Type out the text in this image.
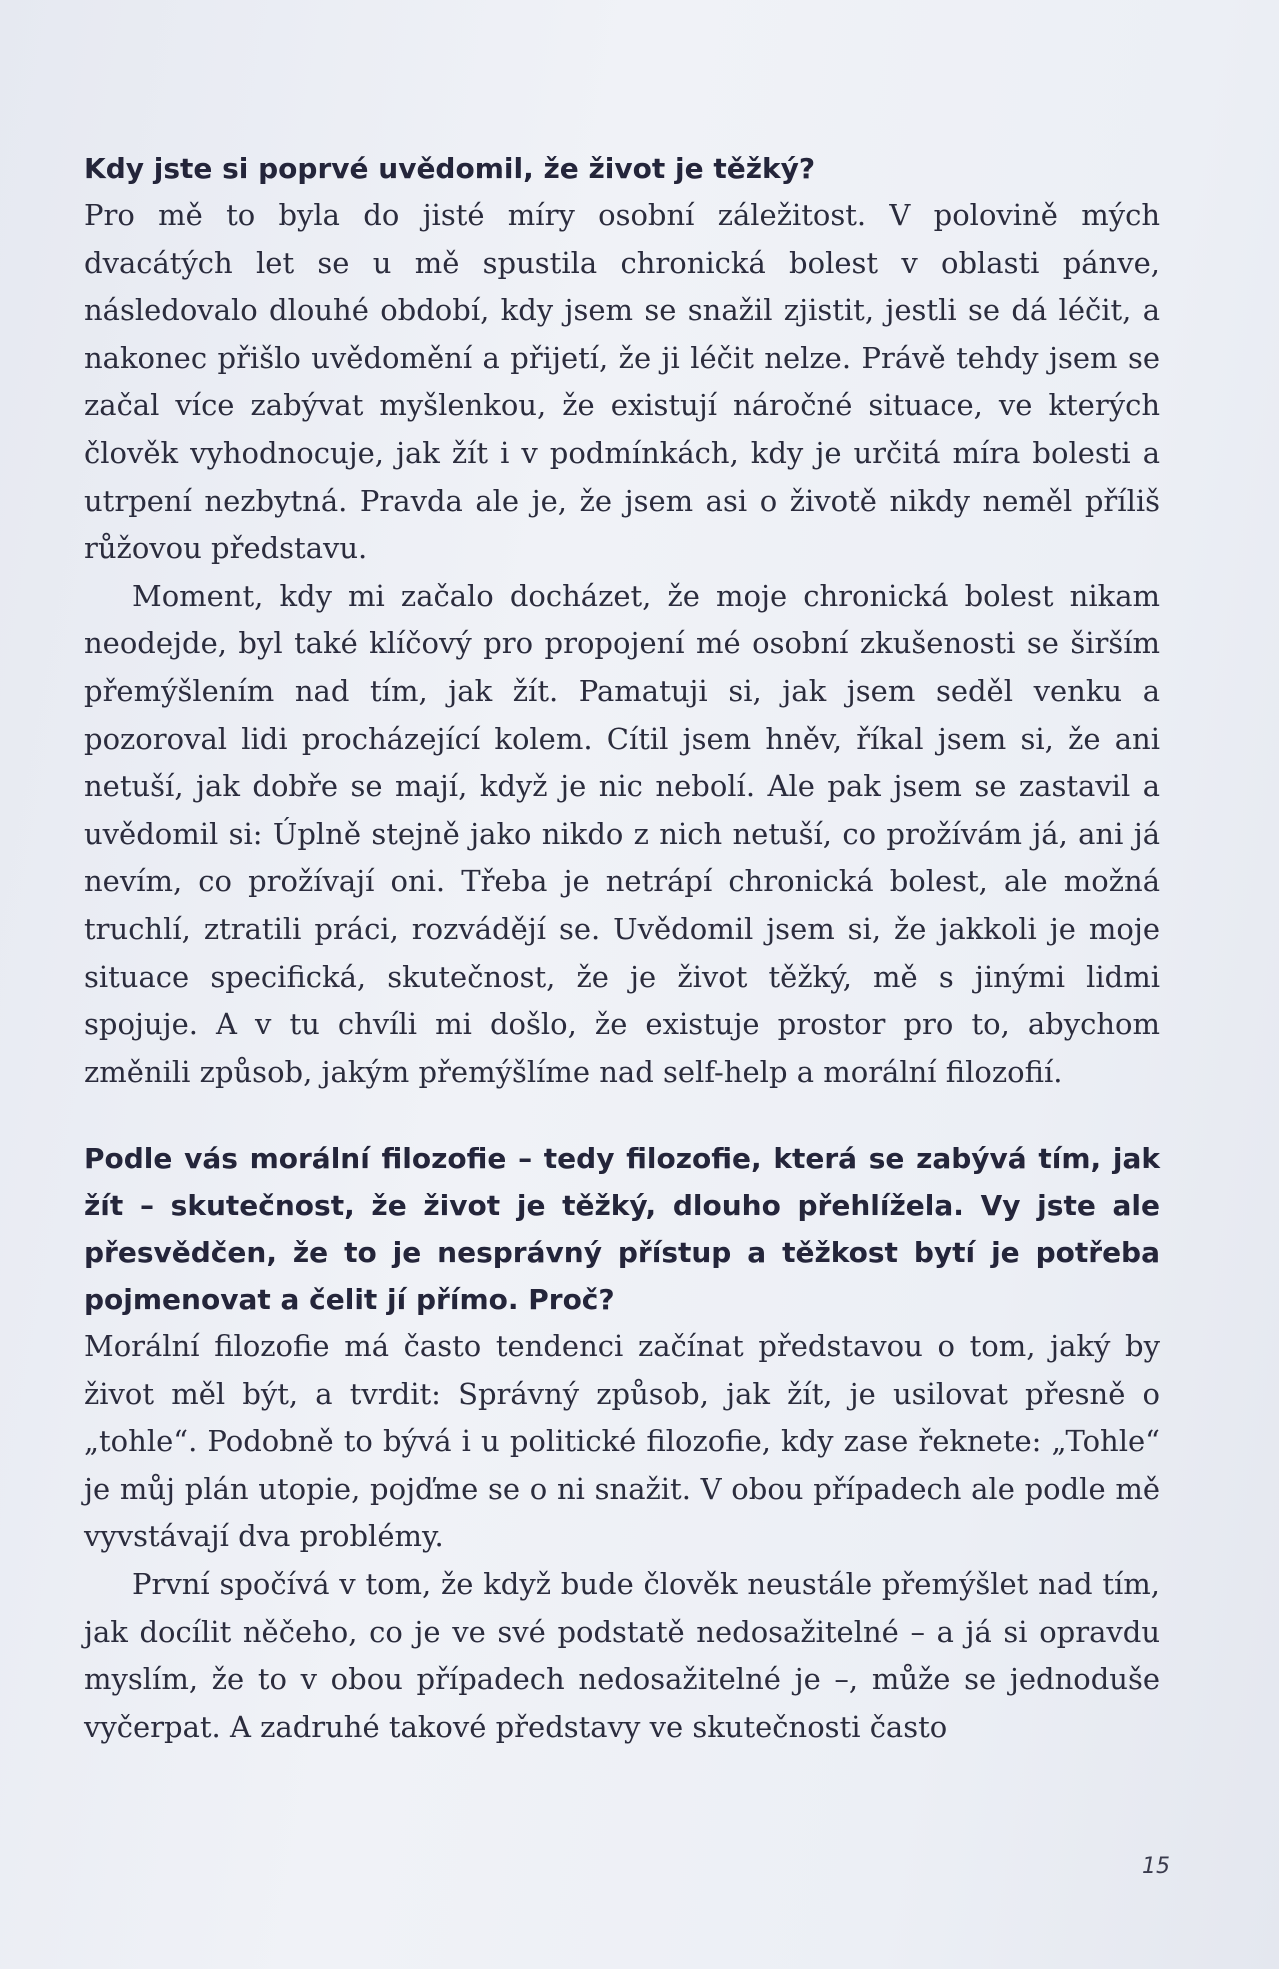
Kdy jste si poprvé uvědomil, že život je těžký?

Pro mě to byla do jisté míry osobní záležitost. V polovině mých dvacátých let se u mě spustila chronická bolest v oblasti pánve, následovalo dlouhé období, kdy jsem se snažil zjistit, jestli se dá léčit, a nakonec přišlo uvědomění a přijetí, že ji léčit nelze. Právě tehdy jsem se začal více zabývat myšlenkou, že existují náročné situace, ve kterých člověk vyhodnocuje, jak žít i v podmínkách, kdy je určitá míra bolesti a utrpení nezbytná. Pravda ale je, že jsem asi o životě nikdy neměl příliš růžovou představu.

Moment, kdy mi začalo docházet, že moje chronická bolest nikam neodejde, byl také klíčový pro propojení mé osobní zkušenosti se širším přemýšlením nad tím, jak žít. Pamatuji si, jak jsem seděl venku a pozoroval lidi procházející kolem. Cítil jsem hněv, říkal jsem si, že ani netuší, jak dobře se mají, když je nic nebolí. Ale pak jsem se zastavil a uvědomil si: Úplně stejně jako nikdo z nich netuší, co prožívám já, ani já nevím, co prožívají oni. Třeba je netrápí chronická bolest, ale možná truchlí, ztratili práci, rozvádějí se. Uvědomil jsem si, že jakkoli je moje situace specifická, skutečnost, že je život těžký, mě s jinými lidmi spojuje. A v tu chvíli mi došlo, že existuje prostor pro to, abychom změnili způsob, jakým přemýšlíme nad self-help a morální filozofií.

Podle vás morální filozofie – tedy filozofie, která se zabývá tím, jak žít – skutečnost, že život je těžký, dlouho přehlížela. Vy jste ale přesvědčen, že to je nesprávný přístup a těžkost bytí je potřeba pojmenovat a čelit jí přímo. Proč?

Morální filozofie má často tendenci začínat představou o tom, jaký by život měl být, a tvrdit: Správný způsob, jak žít, je usilovat přesně o „tohle“. Podobně to bývá i u politické filozofie, kdy zase řeknete: „Tohle“ je můj plán utopie, pojďme se o ni snažit. V obou případech ale podle mě vyvstávají dva problémy.

První spočívá v tom, že když bude člověk neustále přemýšlet nad tím, jak docílit něčeho, co je ve své podstatě nedosažitelné – a já si opravdu myslím, že to v obou případech nedosažitelné je –, může se jednoduše vyčerpat. A zadruhé takové představy ve skutečnosti často

15
